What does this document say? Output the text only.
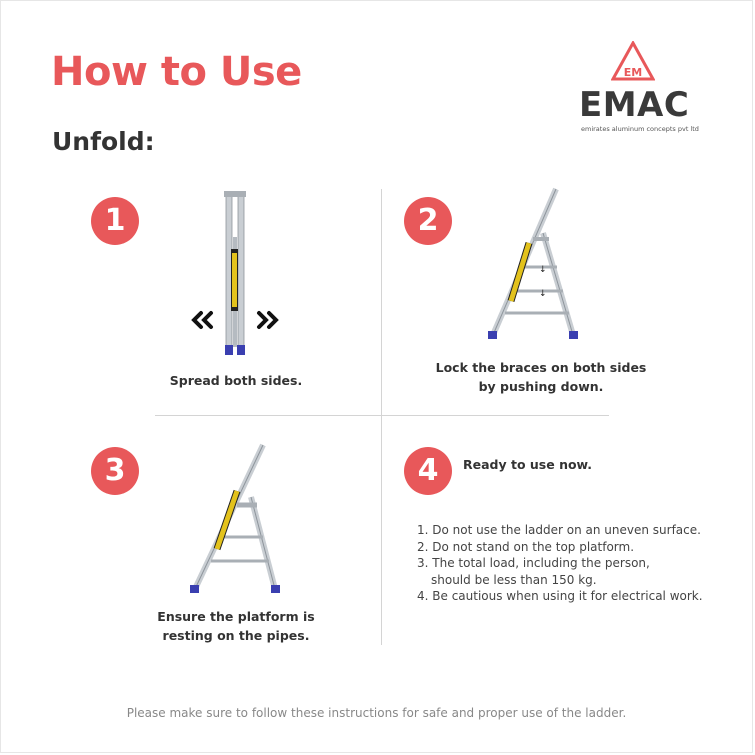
How to Use
Unfold:
EM
EMAC
emirates aluminum concepts pvt ltd
1
Spread both sides.
2
↓
↓
Lock the braces on both sides
by pushing down.
3
Ensure the platform is
resting on the pipes.
4	Ready to use now.
1. Do not use the ladder on an uneven surface.
2. Do not stand on the top platform.
3. The total load, including the person,
should be less than 150 kg.
4. Be cautious when using it for electrical work.
Please make sure to follow these instructions for safe and proper use of the ladder.
